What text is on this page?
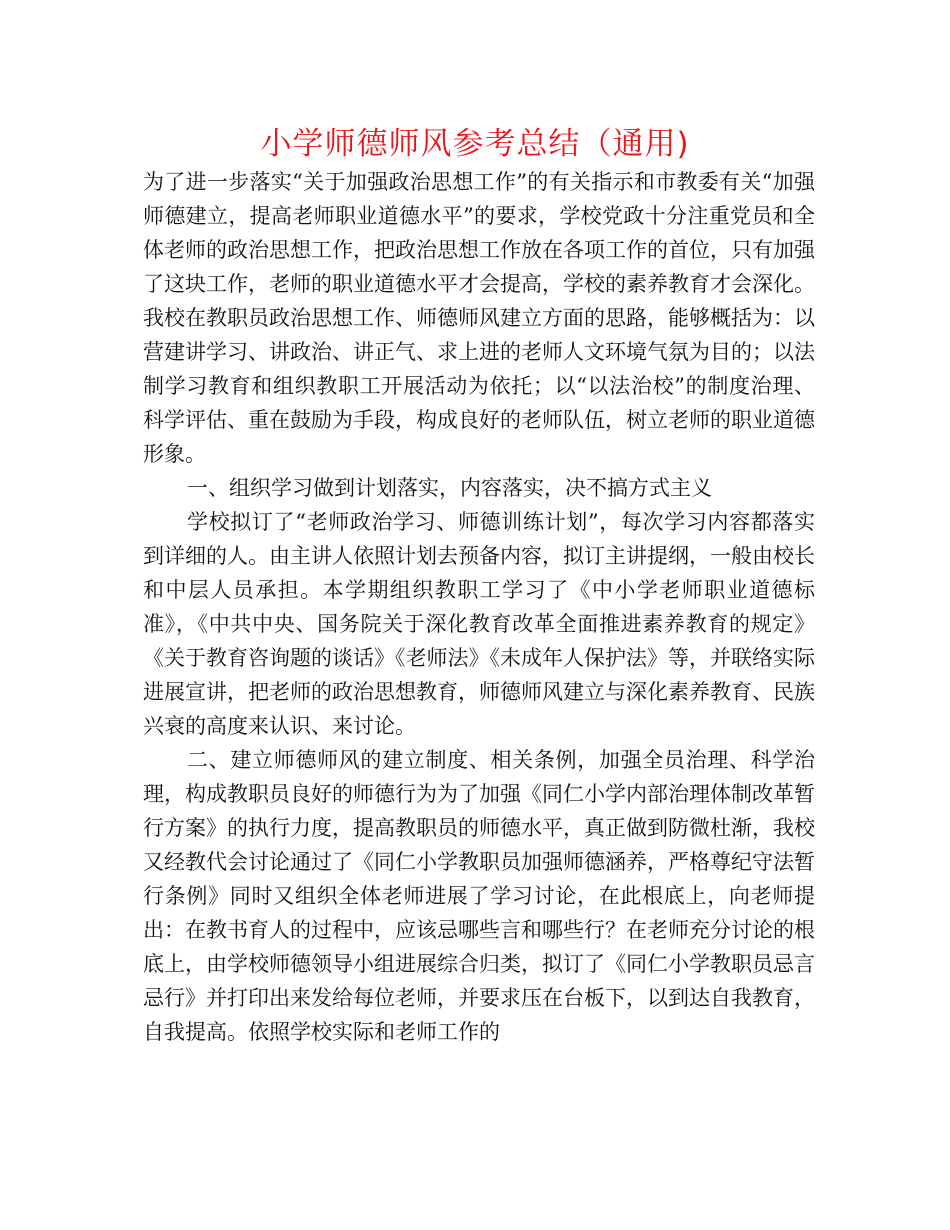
小学师德师风参考总结（通用)

为了进一步落实“关于加强政治思想工作”的有关指示和市教委有关“加强师德建立，提高老师职业道德水平”的要求，学校党政十分注重党员和全体老师的政治思想工作，把政治思想工作放在各项工作的首位，只有加强了这块工作，老师的职业道德水平才会提高，学校的素养教育才会深化。我校在教职员政治思想工作、师德师风建立方面的思路，能够概括为：以营建讲学习、讲政治、讲正气、求上进的老师人文环境气氛为目的；以法制学习教育和组织教职工开展活动为依托；以“以法治校”的制度治理、科学评估、重在鼓励为手段，构成良好的老师队伍，树立老师的职业道德形象。

一、组织学习做到计划落实，内容落实，决不搞方式主义

学校拟订了“老师政治学习、师德训练计划”，每次学习内容都落实到详细的人。由主讲人依照计划去预备内容，拟订主讲提纲，一般由校长和中层人员承担。本学期组织教职工学习了《中小学老师职业道德标准》，《中共中央、国务院关于深化教育改革全面推进素养教育的规定》《关于教育咨询题的谈话》《老师法》《未成年人保护法》等，并联络实际进展宣讲，把老师的政治思想教育，师德师风建立与深化素养教育、民族兴衰的高度来认识、来讨论。

二、建立师德师风的建立制度、相关条例，加强全员治理、科学治理，构成教职员良好的师德行为为了加强《同仁小学内部治理体制改革暂行方案》的执行力度，提高教职员的师德水平，真正做到防微杜渐，我校又经教代会讨论通过了《同仁小学教职员加强师德涵养，严格尊纪守法暂行条例》同时又组织全体老师进展了学习讨论，在此根底上，向老师提出：在教书育人的过程中，应该忌哪些言和哪些行？在老师充分讨论的根底上，由学校师德领导小组进展综合归类，拟订了《同仁小学教职员忌言忌行》并打印出来发给每位老师，并要求压在台板下，以到达自我教育，自我提高。依照学校实际和老师工作的
